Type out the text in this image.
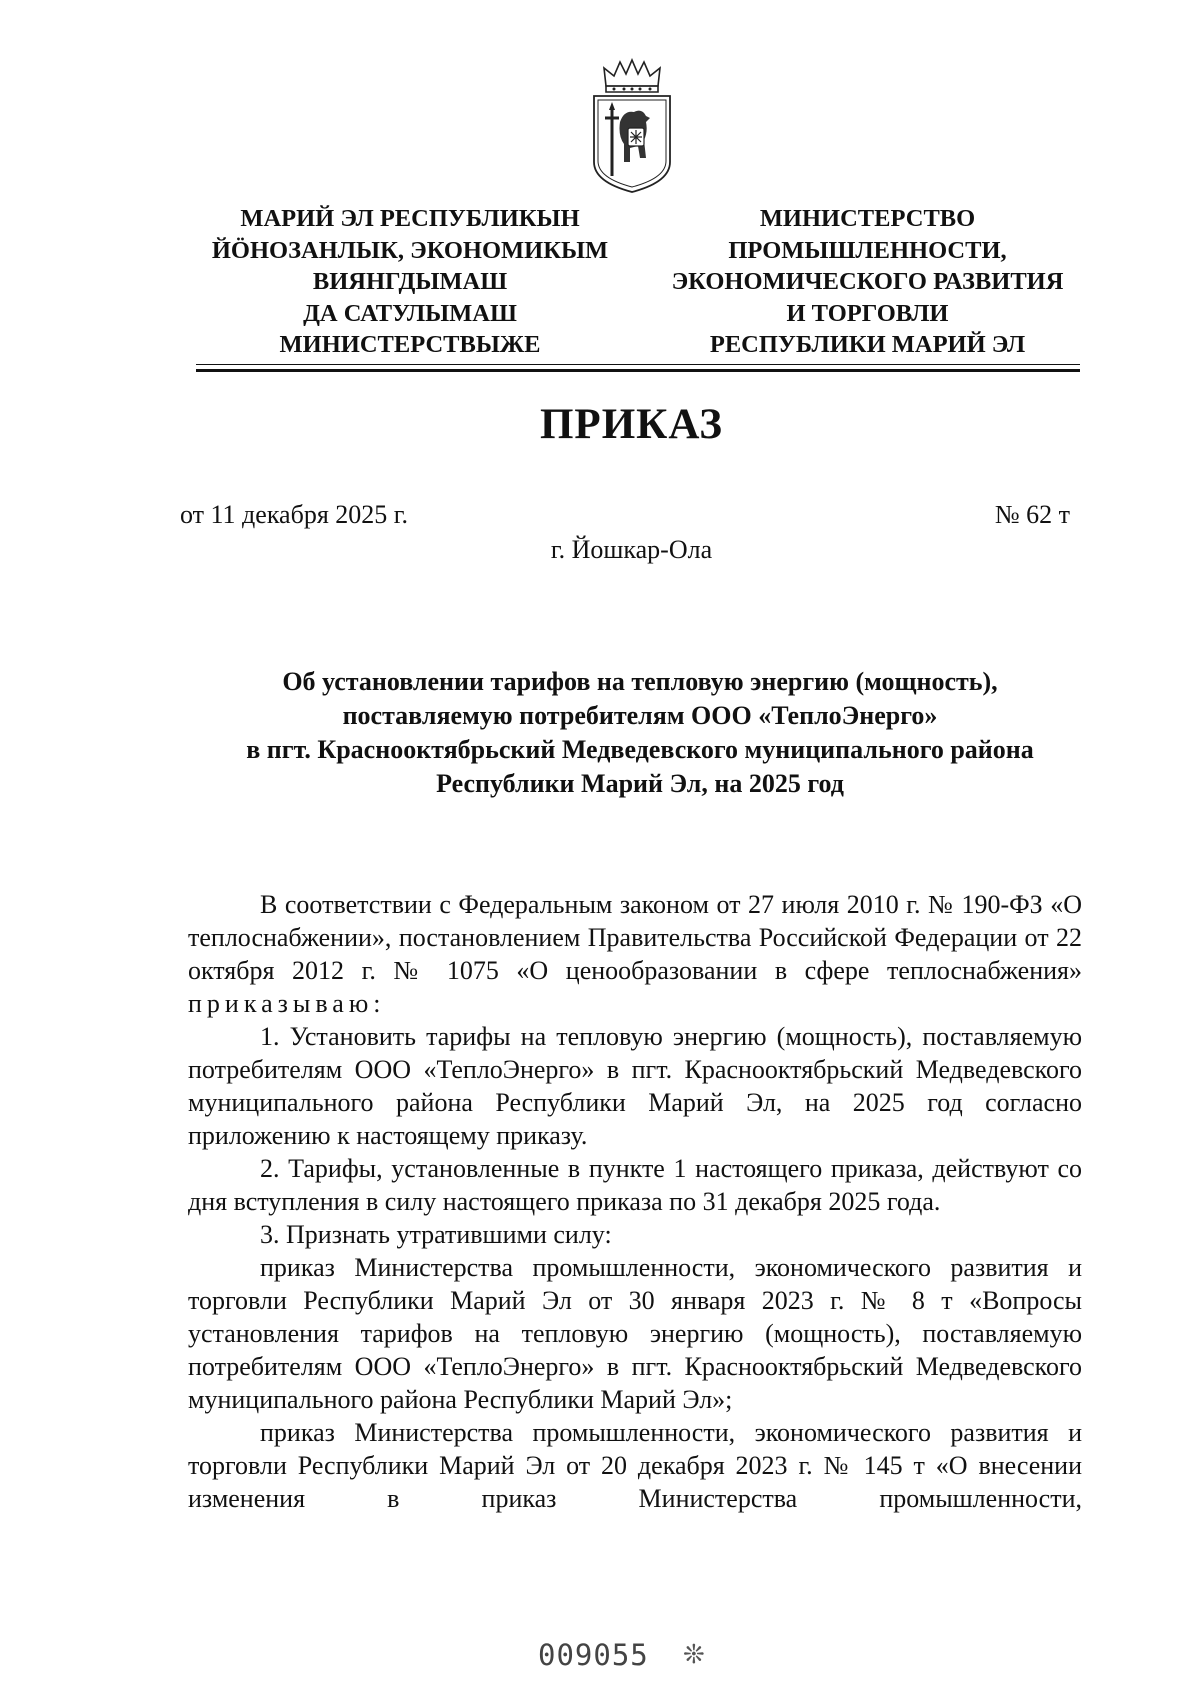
МАРИЙ ЭЛ РЕСПУБЛИКЫН
ЙÖНОЗАНЛЫК, ЭКОНОМИКЫМ
ВИЯНГДЫМАШ
ДА САТУЛЫМАШ
МИНИСТЕРСТВЫЖЕ
МИНИСТЕРСТВО
ПРОМЫШЛЕННОСТИ,
ЭКОНОМИЧЕСКОГО РАЗВИТИЯ
И ТОРГОВЛИ
РЕСПУБЛИКИ МАРИЙ ЭЛ
ПРИКАЗ
от 11 декабря 2025 г.	№ 62 т
г. Йошкар-Ола
Об установлении тарифов на тепловую энергию (мощность),
поставляемую потребителям ООО «ТеплоЭнерго»
в пгт. Краснооктябрьский Медведевского муниципального района
Республики Марий Эл, на 2025 год

В соответствии с Федеральным законом от 27 июля 2010 г. № 190-ФЗ «О теплоснабжении», постановлением Правительства Российской Федерации от 22 октября 2012 г. № 1075 «О ценообразовании в сфере теплоснабжения» приказываю:

1. Установить тарифы на тепловую энергию (мощность), поставляемую потребителям ООО «ТеплоЭнерго» в пгт. Краснооктябрьский Медведевского муниципального района Республики Марий Эл, на 2025 год согласно приложению к настоящему приказу.

2. Тарифы, установленные в пункте 1 настоящего приказа, действуют со дня вступления в силу настоящего приказа по 31 декабря 2025 года.

3. Признать утратившими силу:

приказ Министерства промышленности, экономического развития и торговли Республики Марий Эл от 30 января 2023 г. № 8 т «Вопросы установления тарифов на тепловую энергию (мощность), поставляемую потребителям ООО «ТеплоЭнерго» в пгт. Краснооктябрьский Медведевского муниципального района Республики Марий Эл»;

приказ Министерства промышленности, экономического развития и торговли Республики Марий Эл от 20 декабря 2023 г. № 145 т «О внесении изменения в приказ Министерства промышленности,

009055 ❊
